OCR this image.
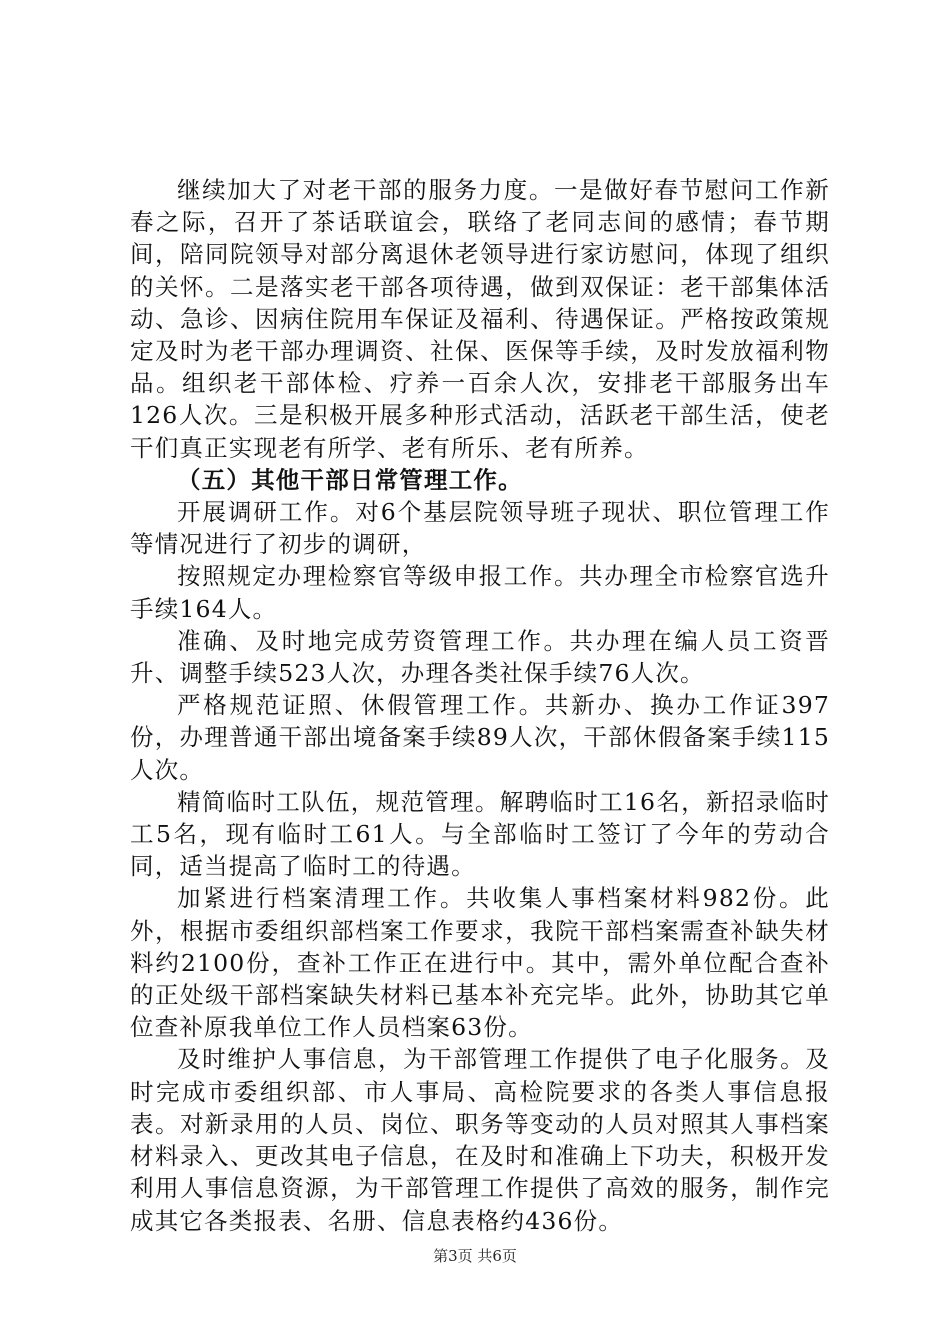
继续加大了对老干部的服务力度。一是做好春节慰问工作新春之际，召开了茶话联谊会，联络了老同志间的感情；春节期间，陪同院领导对部分离退休老领导进行家访慰问，体现了组织的关怀。二是落实老干部各项待遇，做到双保证：老干部集体活动、急诊、因病住院用车保证及福利、待遇保证。严格按政策规定及时为老干部办理调资、社保、医保等手续，及时发放福利物品。组织老干部体检、疗养一百余人次，安排老干部服务出车126人次。三是积极开展多种形式活动，活跃老干部生活，使老干们真正实现老有所学、老有所乐、老有所养。

（五）其他干部日常管理工作。

开展调研工作。对6个基层院领导班子现状、职位管理工作等情况进行了初步的调研，

按照规定办理检察官等级申报工作。共办理全市检察官选升手续164人。

准确、及时地完成劳资管理工作。共办理在编人员工资晋升、调整手续523人次，办理各类社保手续76人次。

严格规范证照、休假管理工作。共新办、换办工作证397份，办理普通干部出境备案手续89人次，干部休假备案手续115人次。

精简临时工队伍，规范管理。解聘临时工16名，新招录临时工5名，现有临时工61人。与全部临时工签订了今年的劳动合同，适当提高了临时工的待遇。

加紧进行档案清理工作。共收集人事档案材料982份。此外，根据市委组织部档案工作要求，我院干部档案需查补缺失材料约2100份，查补工作正在进行中。其中，需外单位配合查补的正处级干部档案缺失材料已基本补充完毕。此外，协助其它单位查补原我单位工作人员档案63份。

及时维护人事信息，为干部管理工作提供了电子化服务。及时完成市委组织部、市人事局、高检院要求的各类人事信息报表。对新录用的人员、岗位、职务等变动的人员对照其人事档案材料录入、更改其电子信息，在及时和准确上下功夫，积极开发利用人事信息资源，为干部管理工作提供了高效的服务，制作完成其它各类报表、名册、信息表格约436份。

第3页 共6页
